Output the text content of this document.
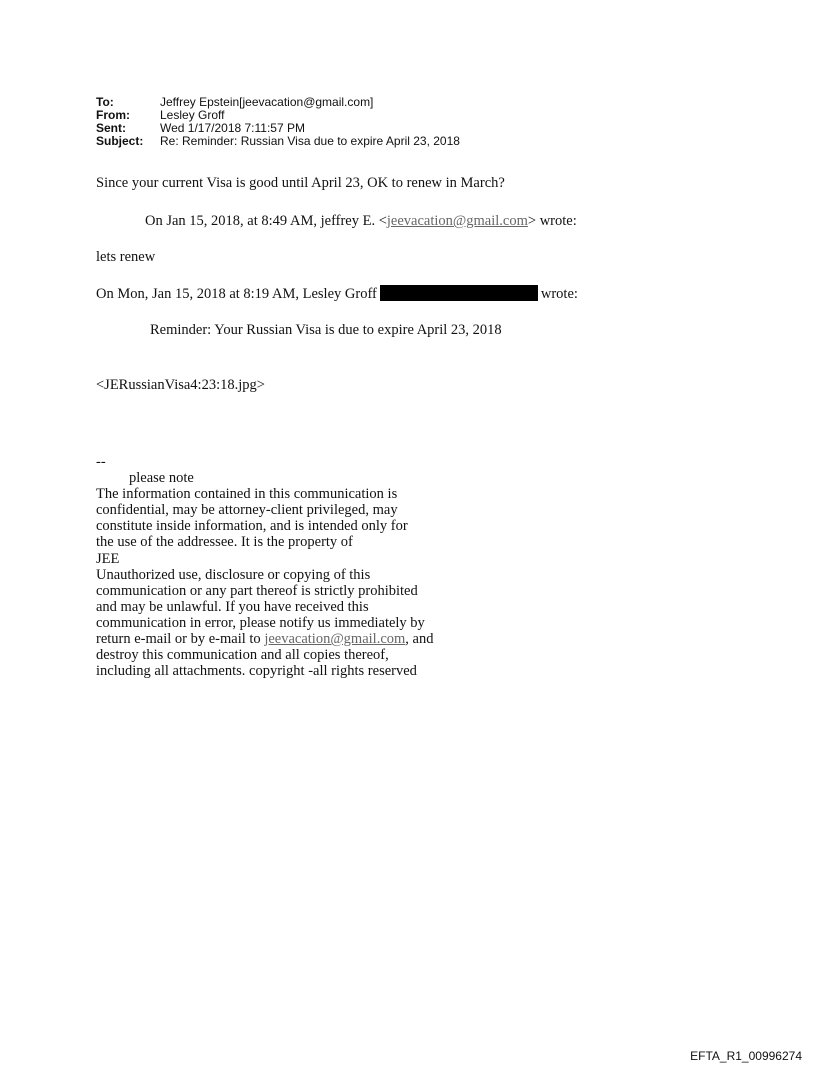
To:	Jeffrey Epstein[jeevacation@gmail.com]
From:	Lesley Groff
Sent:	Wed 1/17/2018 7:11:57 PM
Subject:	Re: Reminder: Russian Visa due to expire April 23, 2018
Since your current Visa is good until April 23, OK to renew in March?
On Jan 15, 2018, at 8:49 AM, jeffrey E. <jeevacation@gmail.com> wrote:
lets renew
On Mon, Jan 15, 2018 at 8:19 AM, Lesley Groff	wrote:
Reminder: Your Russian Visa is due to expire April 23, 2018
<JERussianVisa4:23:18.jpg>
--
please note
The information contained in this communication is
confidential, may be attorney-client privileged, may
constitute inside information, and is intended only for
the use of the addressee. It is the property of
JEE
Unauthorized use, disclosure or copying of this
communication or any part thereof is strictly prohibited
and may be unlawful. If you have received this
communication in error, please notify us immediately by
return e-mail or by e-mail to jeevacation@gmail.com, and
destroy this communication and all copies thereof,
including all attachments. copyright -all rights reserved
EFTA_R1_00996274
